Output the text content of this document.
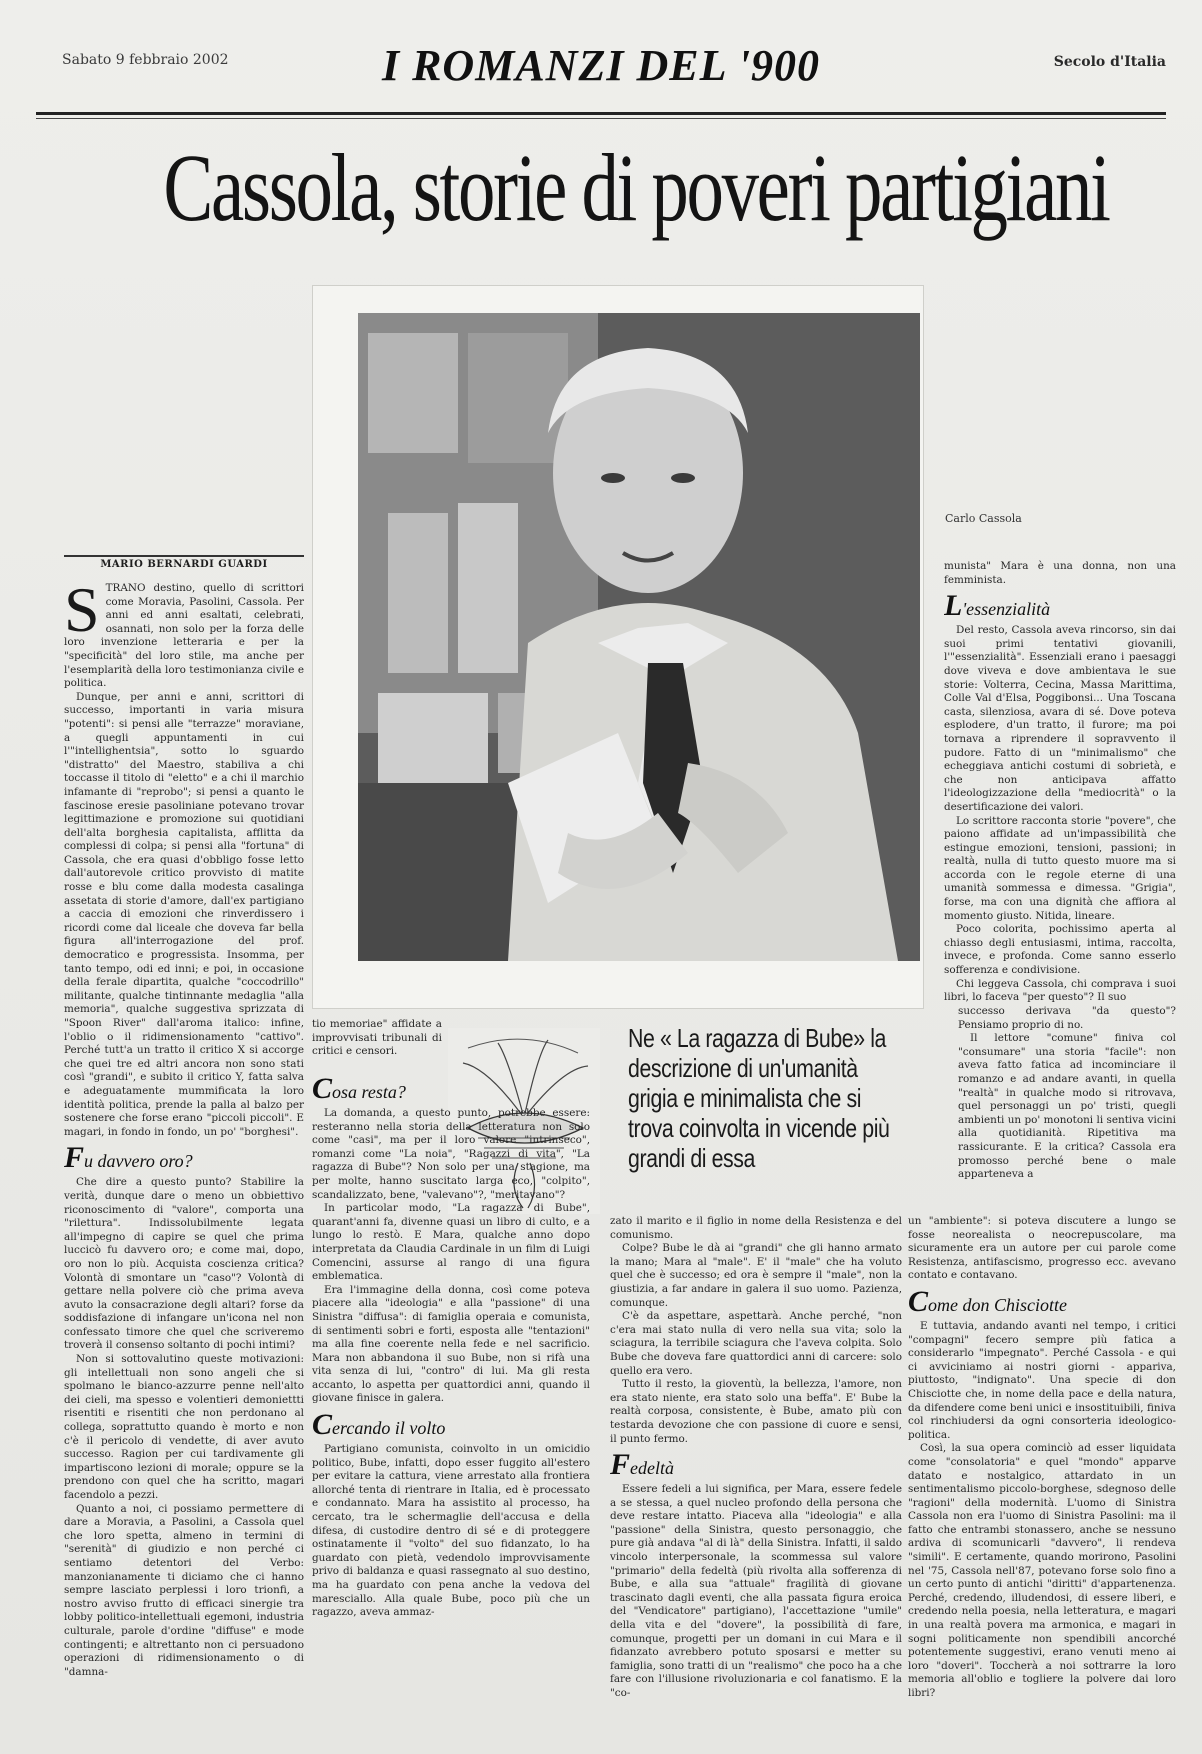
Sabato 9 febbraio 2002	I ROMANZI DEL '900	Secolo d'Italia
Cassola, storie di poveri partigiani
Carlo Cassola
MARIO BERNARDI GUARDI

STRANO destino, quello di scrittori come Moravia, Pasolini, Cassola. Per anni ed anni esaltati, celebrati, osannati, non solo per la forza delle loro invenzione letteraria e per la "specificità" del loro stile, ma anche per l'esemplarità della loro testimonianza civile e politica.

Dunque, per anni e anni, scrittori di successo, importanti in varia misura "potenti": si pensi alle "terrazze" moraviane, a quegli appuntamenti in cui l'"intellighentsia", sotto lo sguardo "distratto" del Maestro, stabiliva a chi toccasse il titolo di "eletto" e a chi il marchio infamante di "reprobo"; si pensi a quanto le fascinose eresie pasoliniane potevano trovar legittimazione e promozione sui quotidiani dell'alta borghesia capitalista, afflitta da complessi di colpa; si pensi alla "fortuna" di Cassola, che era quasi d'obbligo fosse letto dall'autorevole critico provvisto di matite rosse e blu come dalla modesta casalinga assetata di storie d'amore, dall'ex partigiano a caccia di emozioni che rinverdissero i ricordi come dal liceale che doveva far bella figura all'interrogazione del prof. democratico e progressista. Insomma, per tanto tempo, odi ed inni; e poi, in occasione della ferale dipartita, qualche "coccodrillo" militante, qualche tintinnante medaglia "alla memoria", qualche suggestiva sprizzata di "Spoon River" dall'aroma italico: infine, l'oblio o il ridimensionamento "cattivo". Perché tutt'a un tratto il critico X si accorge che quei tre ed altri ancora non sono stati così "grandi", e subito il critico Y, fatta salva e adeguatamente mummificata la loro identità politica, prende la palla al balzo per sostenere che forse erano "piccoli piccoli". E magari, in fondo in fondo, un po' "borghesi".

Fu davvero oro?

Che dire a questo punto? Stabilire la verità, dunque dare o meno un obbiettivo riconoscimento di "valore", comporta una "rilettura". Indissolubilmente legata all'impegno di capire se quel che prima luccicò fu davvero oro; e come mai, dopo, oro non lo più. Acquista coscienza critica? Volontà di smontare un "caso"? Volontà di gettare nella polvere ciò che prima aveva avuto la consacrazione degli altari? forse da soddisfazione di infangare un'icona nel non confessato timore che quel che scriveremo troverà il consenso soltanto di pochi intimi?

Non si sottovalutino queste motivazioni: gli intellettuali non sono angeli che si spolmano le bianco-azzurre penne nell'alto dei cieli, ma spesso e volentieri demoniettti risentiti e risentiti che non perdonano al collega, soprattutto quando è morto e non c'è il pericolo di vendette, di aver avuto successo. Ragion per cui tardivamente gli impartiscono lezioni di morale; oppure se la prendono con quel che ha scritto, magari facendolo a pezzi.

Quanto a noi, ci possiamo permettere di dare a Moravia, a Pasolini, a Cassola quel che loro spetta, almeno in termini di "serenità" di giudizio e non perché ci sentiamo detentori del Verbo: manzonianamente ti diciamo che ci hanno sempre lasciato perplessi i loro trionfi, a nostro avviso frutto di efficaci sinergie tra lobby politico-intellettuali egemoni, industria culturale, parole d'ordine "diffuse" e mode contingenti; e altrettanto non ci persuadono operazioni di ridimensionamento o di "damna-

tio memoriae" affidate a improvvisati tribunali di critici e censori.	Ne « La ragazza di Bube» la descrizione di un'umanità grigia e minimalista che si trova coinvolta in vicende più grandi di essa
Cosa resta?

La domanda, a questo punto, potrebbe essere: resteranno nella storia della letteratura non solo come "casi", ma per il loro valore "intrinseco", romanzi come "La noia", "Ragazzi di vita", "La ragazza di Bube"? Non solo per una stagione, ma per molte, hanno suscitato larga eco, "colpito", scandalizzato, bene, "valevano"?, "meritavano"?

In particolar modo, "La ragazza di Bube", quarant'anni fa, divenne quasi un libro di culto, e a lungo lo restò. E Mara, qualche anno dopo interpretata da Claudia Cardinale in un film di Luigi Comencini, assurse al rango di una figura emblematica.

Era l'immagine della donna, così come poteva piacere alla "ideologia" e alla "passione" di una Sinistra "diffusa": di famiglia operaia e comunista, di sentimenti sobri e forti, esposta alle "tentazioni" ma alla fine coerente nella fede e nel sacrificio. Mara non abbandona il suo Bube, non si rifà una vita senza di lui, "contro" di lui. Ma gli resta accanto, lo aspetta per quattordici anni, quando il giovane finisce in galera.

Cercando il volto

Partigiano comunista, coinvolto in un omicidio politico, Bube, infatti, dopo esser fuggito all'estero per evitare la cattura, viene arrestato alla frontiera allorché tenta di rientrare in Italia, ed è processato e condannato. Mara ha assistito al processo, ha cercato, tra le schermaglie dell'accusa e della difesa, di custodire dentro di sé e di proteggere ostinatamente il "volto" del suo fidanzato, lo ha guardato con pietà, vedendolo improvvisamente privo di baldanza e quasi rassegnato al suo destino, ma ha guardato con pena anche la vedova del maresciallo. Alla quale Bube, poco più che un ragazzo, aveva ammaz-

zato il marito e il figlio in nome della Resistenza e del comunismo.

Colpe? Bube le dà ai "grandi" che gli hanno armato la mano; Mara al "male". E' il "male" che ha voluto quel che è successo; ed ora è sempre il "male", non la giustizia, a far andare in galera il suo uomo. Pazienza, comunque.

C'è da aspettare, aspettarà. Anche perché, "non c'era mai stato nulla di vero nella sua vita; solo la sciagura, la terribile sciagura che l'aveva colpita. Solo Bube che doveva fare quattordici anni di carcere: solo quello era vero.

Tutto il resto, la gioventù, la bellezza, l'amore, non era stato niente, era stato solo una beffa". E' Bube la realtà corposa, consistente, è Bube, amato più con testarda devozione che con passione di cuore e sensi, il punto fermo.

Fedeltà

Essere fedeli a lui significa, per Mara, essere fedele a se stessa, a quel nucleo profondo della persona che deve restare intatto. Piaceva alla "ideologia" e alla "passione" della Sinistra, questo personaggio, che pure già andava "al di là" della Sinistra. Infatti, il saldo vincolo interpersonale, la scommessa sul valore "primario" della fedeltà (più rivolta alla sofferenza di Bube, e alla sua "attuale" fragilità di giovane trascinato dagli eventi, che alla passata figura eroica del "Vendicatore" partigiano), l'accettazione "umile" della vita e del "dovere", la possibilità di fare, comunque, progetti per un domani in cui Mara e il fidanzato avrebbero potuto sposarsi e metter su famiglia, sono tratti di un "realismo" che poco ha a che fare con l'illusione rivoluzionaria e col fanatismo. E la "co-

munista" Mara è una donna, non una femminista.

L'essenzialità

Del resto, Cassola aveva rincorso, sin dai suoi primi tentativi giovanili, l'"essenzialità". Essenziali erano i paesaggi dove viveva e dove ambientava le sue storie: Volterra, Cecina, Massa Marittima, Colle Val d'Elsa, Poggibonsi... Una Toscana casta, silenziosa, avara di sé. Dove poteva esplodere, d'un tratto, il furore; ma poi tornava a riprendere il sopravvento il pudore. Fatto di un "minimalismo" che echeggiava antichi costumi di sobrietà, e che non anticipava affatto l'ideologizzazione della "mediocrità" o la desertificazione dei valori.

Lo scrittore racconta storie "povere", che paiono affidate ad un'impassibilità che estingue emozioni, tensioni, passioni; in realtà, nulla di tutto questo muore ma si accorda con le regole eterne di una umanità sommessa e dimessa. "Grigia", forse, ma con una dignità che affiora al momento giusto. Nitida, lineare.

Poco colorita, pochissimo aperta al chiasso degli entusiasmi, intima, raccolta, invece, e profonda. Come sanno esserlo sofferenza e condivisione.

Chi leggeva Cassola, chi comprava i suoi libri, lo faceva "per questo"? Il suo

successo derivava "da questo"? Pensiamo proprio di no.

Il lettore "comune" finiva col "consumare" una storia "facile": non aveva fatto fatica ad incominciare il romanzo e ad andare avanti, in quella "realtà" in qualche modo si ritrovava, quel personaggi un po' tristi, quegli ambienti un po' monotoni li sentiva vicini alla quotidianità. Ripetitiva ma rassicurante. E la critica? Cassola era promosso perché bene o male apparteneva a

un "ambiente": si poteva discutere a lungo se fosse neorealista o neocrepuscolare, ma sicuramente era un autore per cui parole come Resistenza, antifascismo, progresso ecc. avevano contato e contavano.

Come don Chisciotte

E tuttavia, andando avanti nel tempo, i critici "compagni" fecero sempre più fatica a considerarlo "impegnato". Perché Cassola - e qui ci avviciniamo ai nostri giorni - appariva, piuttosto, "indignato". Una specie di don Chisciotte che, in nome della pace e della natura, da difendere come beni unici e insostituibili, finiva col rinchiudersi da ogni consorteria ideologico-politica.

Così, la sua opera cominciò ad esser liquidata come "consolatoria" e quel "mondo" apparve datato e nostalgico, attardato in un sentimentalismo piccolo-borghese, sdegnoso delle "ragioni" della modernità. L'uomo di Sinistra Cassola non era l'uomo di Sinistra Pasolini: ma il fatto che entrambi stonassero, anche se nessuno ardiva di scomunicarli "davvero", li rendeva "simili". E certamente, quando morirono, Pasolini nel '75, Cassola nell'87, potevano forse solo fino a un certo punto di antichi "diritti" d'appartenenza. Perché, credendo, illudendosi, di essere liberi, e credendo nella poesia, nella letteratura, e magari in una realtà povera ma armonica, e magari in sogni politicamente non spendibili ancorché potentemente suggestivi, erano venuti meno ai loro "doveri". Toccherà a noi sottrarre la loro memoria all'oblio e togliere la polvere dai loro libri?
